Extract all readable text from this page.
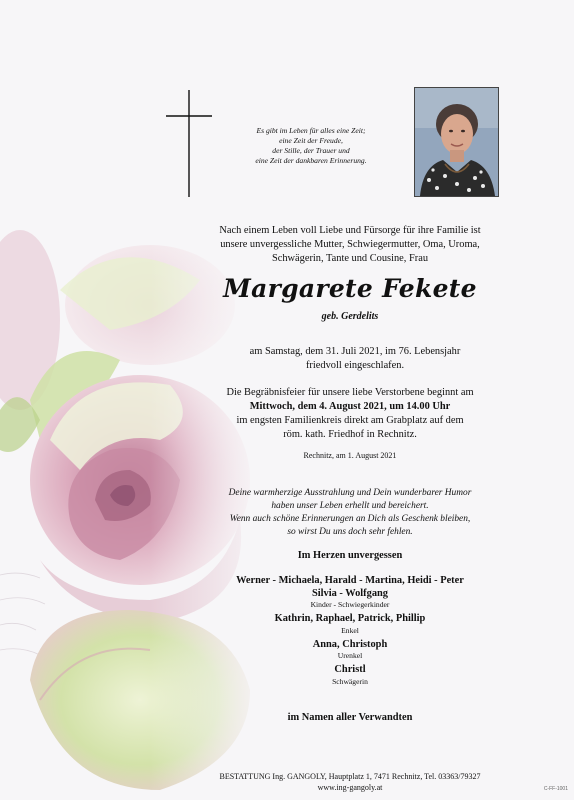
Es gibt im Leben für alles eine Zeit;
eine Zeit der Freude,
der Stille, der Trauer und
eine Zeit der dankbaren Erinnerung.
Nach einem Leben voll Liebe und Fürsorge für ihre Familie ist
unsere unvergessliche Mutter, Schwiegermutter, Oma, Uroma,
Schwägerin, Tante und Cousine, Frau
Margarete Fekete
geb. Gerdelits
am Samstag, dem 31. Juli 2021, im 76. Lebensjahr
friedvoll eingeschlafen.
Die Begräbnisfeier für unsere liebe Verstorbene beginnt am
Mittwoch, dem 4. August 2021, um 14.00 Uhr
im engsten Familienkreis direkt am Grabplatz auf dem
röm. kath. Friedhof in Rechnitz.
Rechnitz, am 1. August 2021
Deine warmherzige Ausstrahlung und Dein wunderbarer Humor
haben unser Leben erhellt und bereichert.
Wenn auch schöne Erinnerungen an Dich als Geschenk bleiben,
so wirst Du uns doch sehr fehlen.
Im Herzen unvergessen
Werner - Michaela, Harald - Martina, Heidi - Peter
Silvia - Wolfgang
Kinder - Schwiegerkinder
Kathrin, Raphael, Patrick, Phillip
Enkel
Anna, Christoph
Urenkel
Christl
Schwägerin
im Namen aller Verwandten
BESTATTUNG Ing. GANGOLY, Hauptplatz 1, 7471 Rechnitz, Tel. 03363/79327
www.ing-gangoly.at	C-FF-1001
